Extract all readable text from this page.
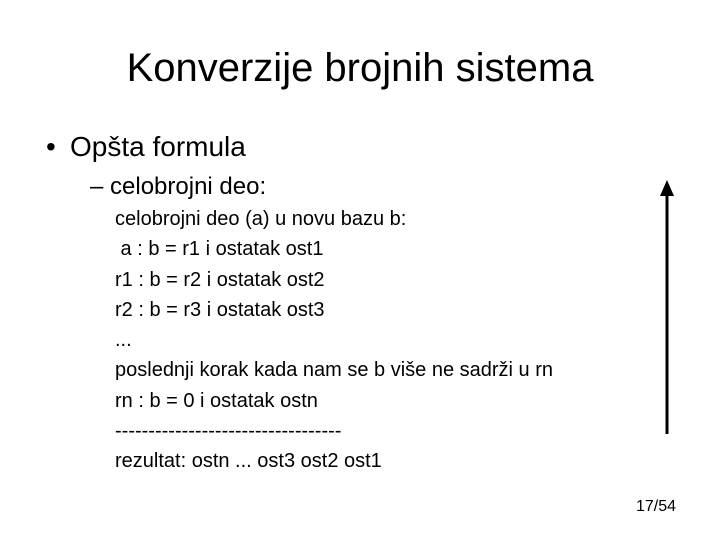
Konverzije brojnih sistema
• Opšta formula
– celobrojni deo:
celobrojni deo (a) u novu bazu b:
a : b = r1 i ostatak ost1
r1 : b = r2 i ostatak ost2
r2 : b = r3 i ostatak ost3
...
poslednji korak kada nam se b više ne sadrži u rn
rn : b = 0 i ostatak ostn
----------------------------------
rezultat: ostn ... ost3 ost2 ost1
17/54
